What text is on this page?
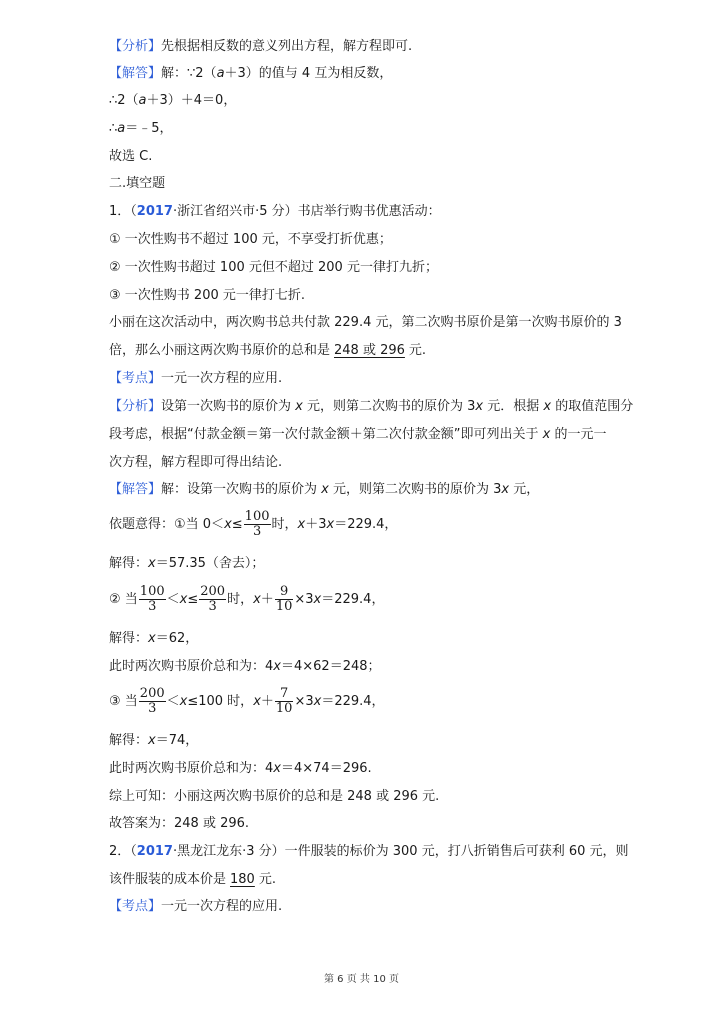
【分析】先根据相反数的意义列出方程，解方程即可.
【解答】解：∵2（a＋3）的值与 4 互为相反数，
∴2（a＋3）＋4＝0，
∴a＝﹣5，
故选 C.
二.填空题
1．（2017·浙江省绍兴市·5 分）书店举行购书优惠活动：
① 一次性购书不超过 100 元，不享受打折优惠；
② 一次性购书超过 100 元但不超过 200 元一律打九折；
③ 一次性购书 200 元一律打七折.
小丽在这次活动中，两次购书总共付款 229.4 元，第二次购书原价是第一次购书原价的 3
倍，那么小丽这两次购书原价的总和是 248 或 296 元.
【考点】一元一次方程的应用.
【分析】设第一次购书的原价为 x 元，则第二次购书的原价为 3x 元．根据 x 的取值范围分
段考虑，根据“付款金额＝第一次付款金额＋第二次付款金额”即可列出关于 x 的一元一
次方程，解方程即可得出结论.
【解答】解：设第一次购书的原价为 x 元，则第二次购书的原价为 3x 元，
依题意得：①当 $0<x\le \frac{100}{3}$ 时，x＋3x＝229.4，
解得：x＝57.35（舍去）；
② 当 $\frac{100}{3} <x\le \frac{200}{3}$ 时，$x+ \frac{9}{10} \times 3x=229.4$，
解得：x＝62，
此时两次购书原价总和为：4x＝4×62＝248；
③ 当 $\frac{200}{3} <x\le 100$ 时，$x+ \frac{7}{10} \times 3x=229.4$，
解得：x＝74，
此时两次购书原价总和为：4x＝4×74＝296.
综上可知：小丽这两次购书原价的总和是 248 或 296 元.
故答案为：248 或 296.
2．（2017·黑龙江龙东·3 分）一件服装的标价为 300 元，打八折销售后可获利 60 元，则
该件服装的成本价是 180 元.
【考点】一元一次方程的应用.
第 6 页 共 10 页
